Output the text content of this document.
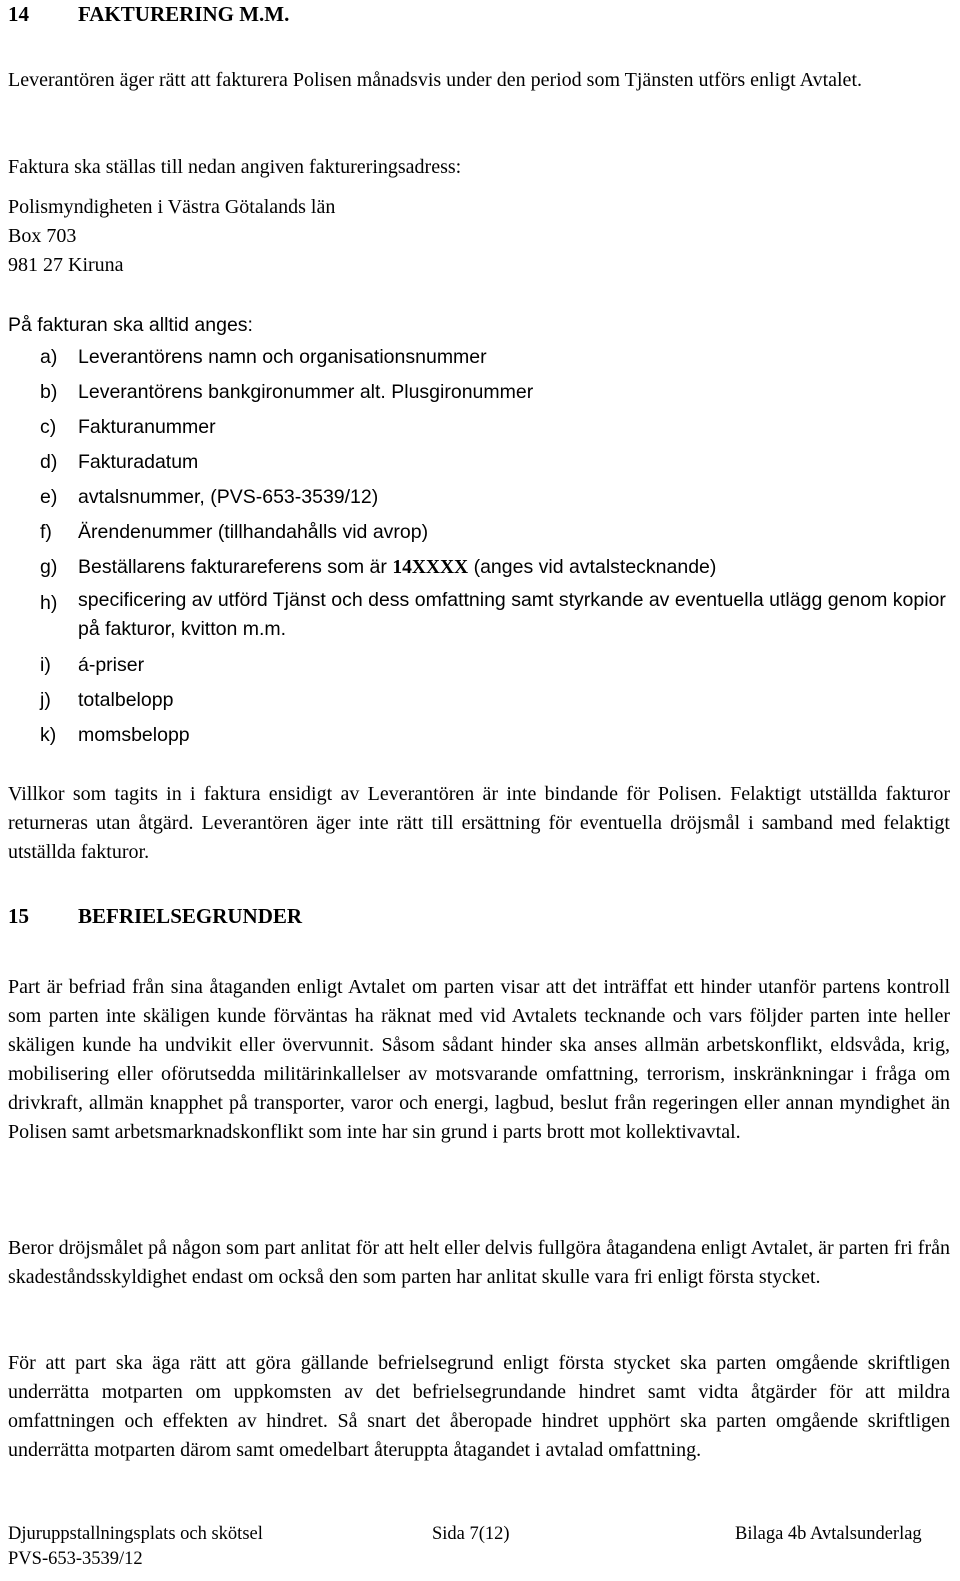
14 FAKTURERING M.M.
Leverantören äger rätt att fakturera Polisen månadsvis under den period som Tjänsten utförs enligt Avtalet.
Faktura ska ställas till nedan angiven faktureringsadress:
Polismyndigheten i Västra Götalands län
Box 703
981 27 Kiruna
På fakturan ska alltid anges:
a) Leverantörens namn och organisationsnummer
b) Leverantörens bankgironummer alt. Plusgironummer
c) Fakturanummer
d) Fakturadatum
e) avtalsnummer, (PVS-653-3539/12)
f) Ärendenummer (tillhandahålls vid avrop)
g) Beställarens fakturareferens som är 14XXXX (anges vid avtalstecknande)
h) specificering av utförd Tjänst och dess omfattning samt styrkande av eventuella utlägg genom kopior på fakturor, kvitton m.m.
i) á-priser
j) totalbelopp
k) momsbelopp
Villkor som tagits in i faktura ensidigt av Leverantören är inte bindande för Polisen. Felaktigt utställda fakturor returneras utan åtgärd. Leverantören äger inte rätt till ersättning för eventuella dröjsmål i samband med felaktigt utställda fakturor.
15 BEFRIELSEGRUNDER
Part är befriad från sina åtaganden enligt Avtalet om parten visar att det inträffat ett hinder utanför partens kontroll som parten inte skäligen kunde förväntas ha räknat med vid Avtalets tecknande och vars följder parten inte heller skäligen kunde ha undvikit eller övervunnit. Såsom sådant hinder ska anses allmän arbetskonflikt, eldsvåda, krig, mobilisering eller oförutsedda militärinkallelser av motsvarande omfattning, terrorism, inskränkningar i fråga om drivkraft, allmän knapphet på transporter, varor och energi, lagbud, beslut från regeringen eller annan myndighet än Polisen samt arbetsmarknadskonflikt som inte har sin grund i parts brott mot kollektivavtal.
Beror dröjsmålet på någon som part anlitat för att helt eller delvis fullgöra åtagandena enligt Avtalet, är parten fri från skadeståndsskyldighet endast om också den som parten har anlitat skulle vara fri enligt första stycket.
För att part ska äga rätt att göra gällande befrielsegrund enligt första stycket ska parten omgående skriftligen underrätta motparten om uppkomsten av det befrielsegrundande hindret samt vidta åtgärder för att mildra omfattningen och effekten av hindret. Så snart det åberopade hindret upphört ska parten omgående skriftligen underrätta motparten därom samt omedelbart återuppta åtagandet i avtalad omfattning.
Djuruppstallningsplats och skötsel	Sida 7(12)	Bilaga 4b Avtalsunderlag
PVS-653-3539/12
